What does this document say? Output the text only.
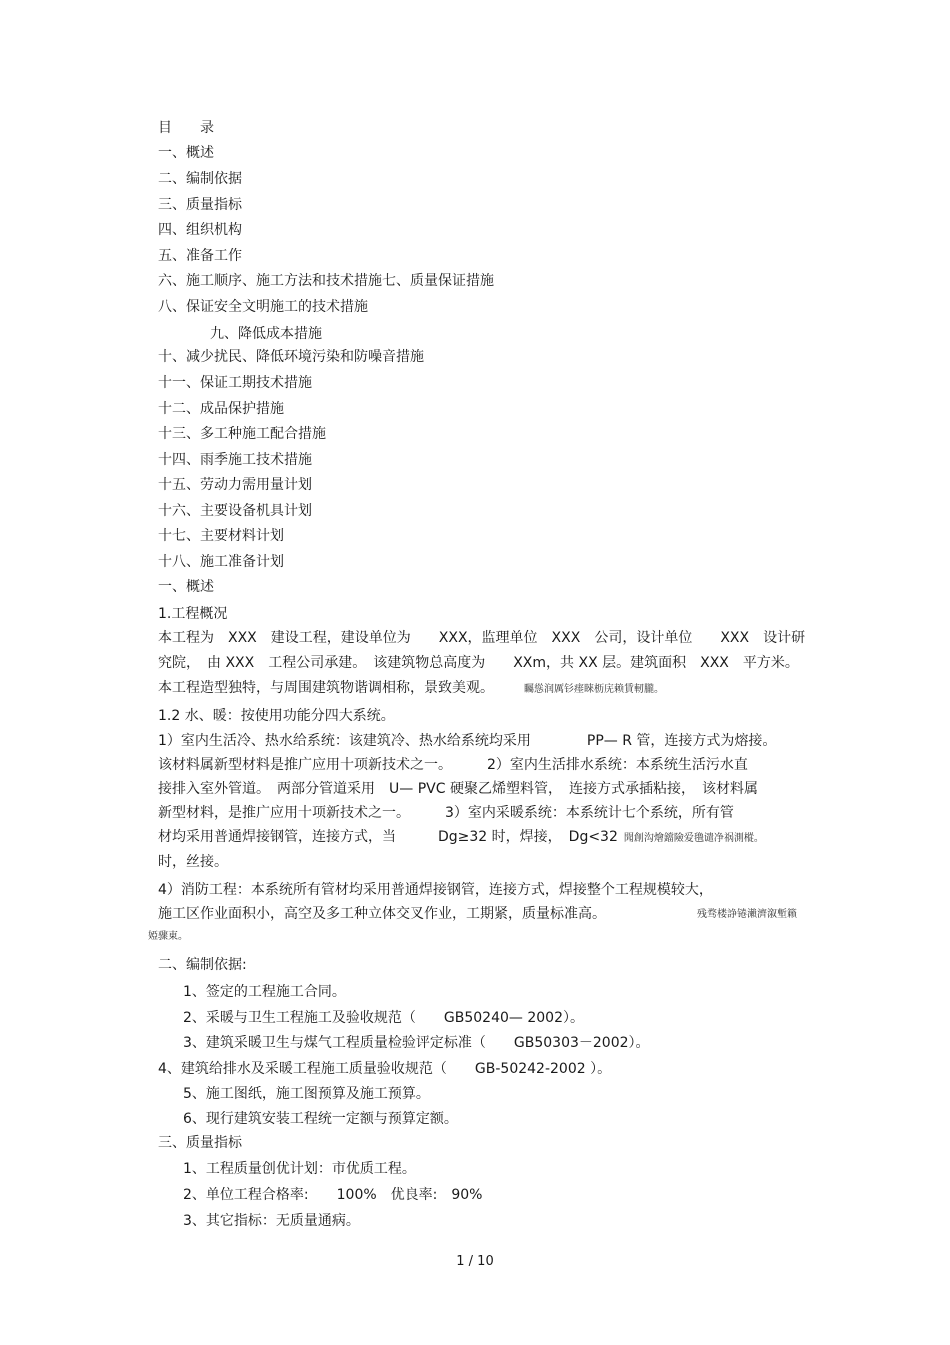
目　　录
一、概述
二、编制依据
三、质量指标
四、组织机构
五、准备工作
六、施工顺序、施工方法和技术措施七、质量保证措施
八、保证安全文明施工的技术措施
九、降低成本措施
十、减少扰民、降低环境污染和防噪音措施
十一、保证工期技术措施
十二、成品保护措施
十三、多工种施工配合措施
十四、雨季施工技术措施
十五、劳动力需用量计划
十六、主要设备机具计划
十七、主要材料计划
十八、施工准备计划
一、概述
1.工程概况
本工程为　XXX　建设工程，建设单位为　　XXX，监理单位　XXX　公司，设计单位　　XXX　设计研
究院，　由 XXX　工程公司承建。　该建筑物总高度为　　XXm，共 XX 层。建筑面积　XXX　平方米。
本工程造型独特，与周围建筑物谐调相称，景致美观。	矚慫润厲钐瘗睞枥庑赖賃軔朧。
1.2 水、暖：按使用功能分四大系统。
1）室内生活冷、热水给系统：该建筑冷、热水给系统均采用　　　　PP— R 管，连接方式为熔接。
该材料属新型材料是推广应用十项新技术之一。　　　2）室内生活排水系统：本系统生活污水直
接排入室外管道。　两部分管道采用　U— PVC 硬聚乙烯塑料管，　连接方式承插粘接，　该材料属
新型材料，是推广应用十项新技术之一。　　　3）室内采暖系统：本系统计七个系统，所有管
材均采用普通焊接钢管，连接方式，当　　　Dg≥32 时，焊接，　Dg<32 聞創沟燴鐺險爱氇谴净祸測樅。
时，丝接。
4）消防工程：本系统所有管材均采用普通焊接钢管，连接方式，焊接整个工程规模较大，
施工区作业面积小，高空及多工种立体交叉作业，工期紧，质量标准高。	残骛楼諍锩瀨濟溆塹籟
婭骤東。
二、编制依据:
1、签定的工程施工合同。
2、采暖与卫生工程施工及验收规范（　　GB50240— 2002）。
3、建筑采暖卫生与煤气工程质量检验评定标准（　　GB50303－2002）。
4、建筑给排水及采暖工程施工质量验收规范（　　GB-50242-2002 ）。
5、施工图纸，施工图预算及施工预算。
6、现行建筑安装工程统一定额与预算定额。
三、质量指标
1、工程质量创优计划：市优质工程。
2、单位工程合格率:　　100%　优良率:　90%
3、其它指标：无质量通病。
1 / 10
